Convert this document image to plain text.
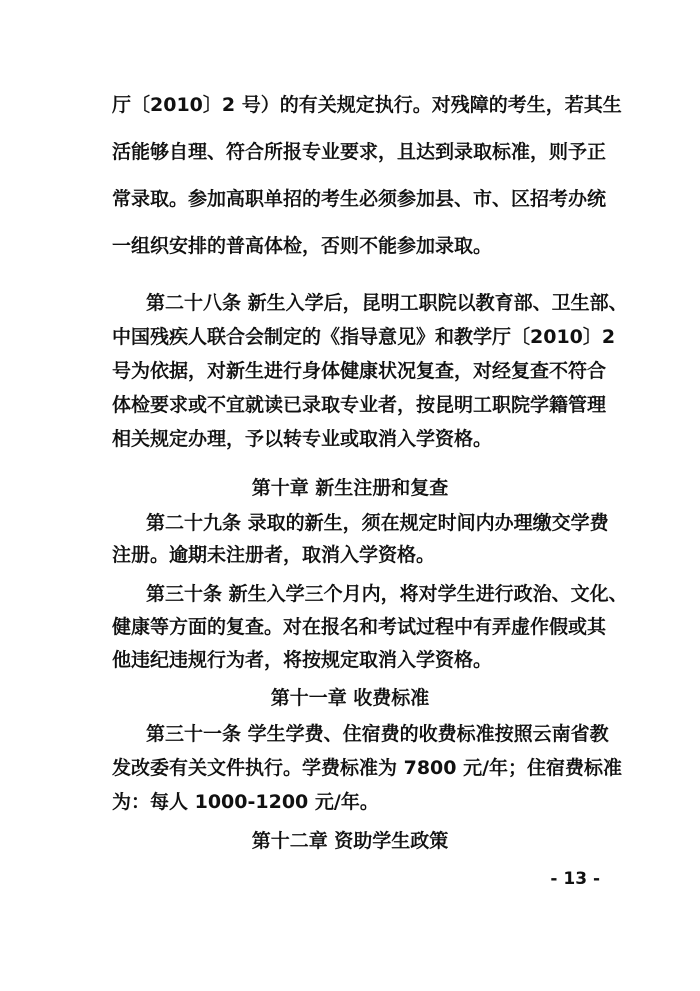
厅〔2010〕2 号）的有关规定执行。对残障的考生，若其生
活能够自理、符合所报专业要求，且达到录取标准，则予正
常录取。参加高职单招的考生必须参加县、市、区招考办统
一组织安排的普高体检，否则不能参加录取。
第二十八条 新生入学后，昆明工职院以教育部、卫生部、
中国残疾人联合会制定的《指导意见》和教学厅〔2010〕2
号为依据，对新生进行身体健康状况复查，对经复查不符合
体检要求或不宜就读已录取专业者，按昆明工职院学籍管理
相关规定办理，予以转专业或取消入学资格。
第十章 新生注册和复查
第二十九条 录取的新生，须在规定时间内办理缴交学费
注册。逾期未注册者，取消入学资格。
第三十条 新生入学三个月内，将对学生进行政治、文化、
健康等方面的复查。对在报名和考试过程中有弄虚作假或其
他违纪违规行为者，将按规定取消入学资格。
第十一章 收费标准
第三十一条 学生学费、住宿费的收费标准按照云南省教
发改委有关文件执行。学费标准为 7800 元/年；住宿费标准
为：每人 1000-1200 元/年。
第十二章 资助学生政策
- 13 -
